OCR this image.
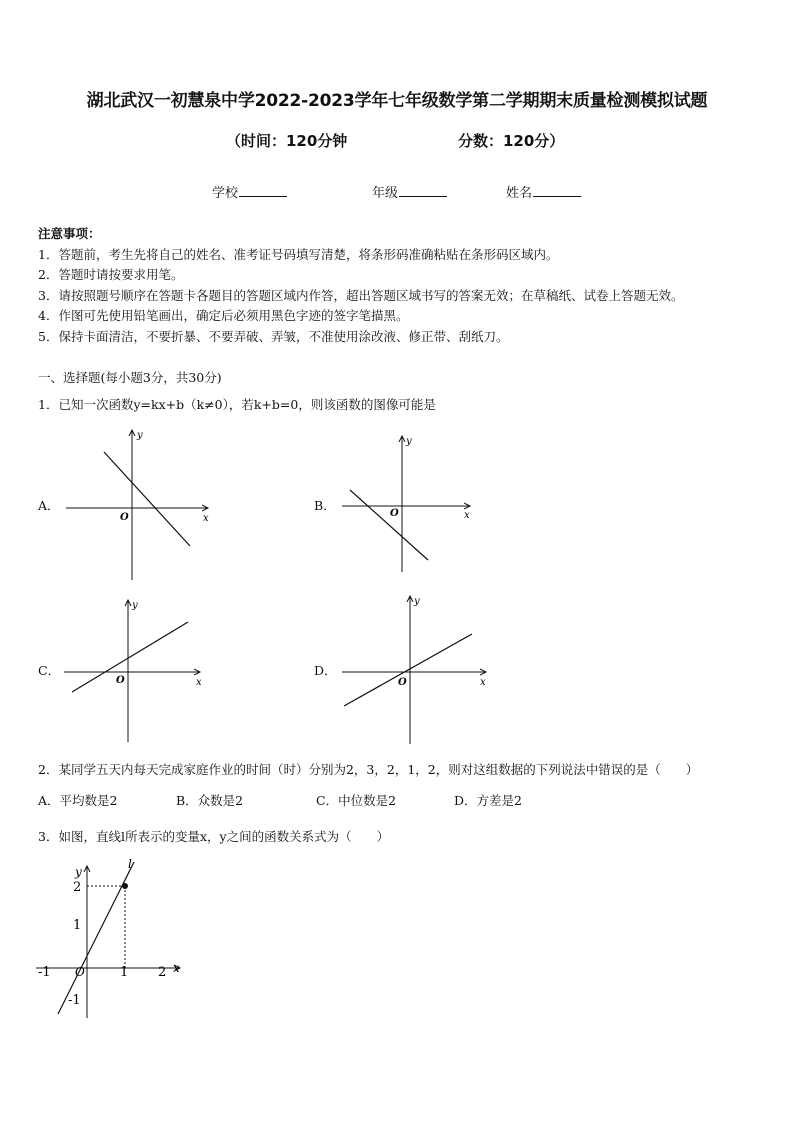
湖北武汉一初慧泉中学2022-2023学年七年级数学第二学期期末质量检测模拟试题
（时间：120分钟	分数：120分）
学校	年级	姓名
注意事项：
1．答题前，考生先将自己的姓名、准考证号码填写清楚，将条形码准确粘贴在条形码区域内。
2．答题时请按要求用笔。
3．请按照题号顺序在答题卡各题目的答题区域内作答，超出答题区域书写的答案无效；在草稿纸、试卷上答题无效。
4．作图可先使用铅笔画出，确定后必须用黑色字迹的签字笔描黑。
5．保持卡面清洁，不要折暴、不要弄破、弄皱，不准使用涂改液、修正带、刮纸刀。
一、选择题(每小题3分，共30分)
1．已知一次函数y=kx+b（k≠0），若k+b=0，则该函数的图像可能是
A．	B．
C．	D．
x
y
O	x
y
O
x
y
O	x
y
O
2．某同学五天内每天完成家庭作业的时间（时）分别为2，3，2，1，2，则对这组数据的下列说法中错误的是（　　）
A．平均数是2	B．众数是2	C．中位数是2	D．方差是2
3．如图，直线l所表示的变量x，y之间的函数关系式为（　　）
l
y
x
-1 O	1 2
2
1
-1
